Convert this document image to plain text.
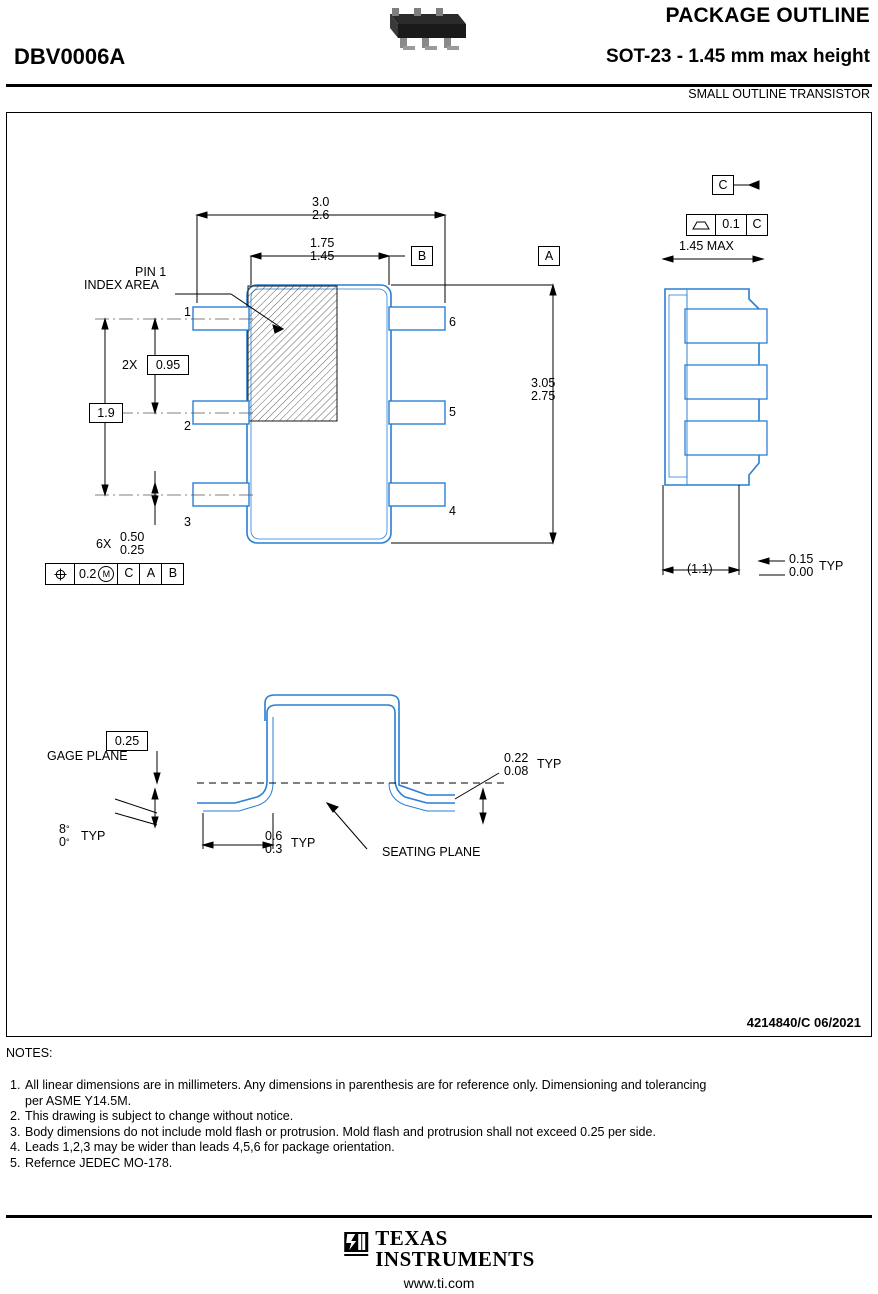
PACKAGE OUTLINE
SOT-23 - 1.45 mm max height
DBV0006A
SMALL OUTLINE TRANSISTOR
3.0
2.6
1.75
1.45	B	A
PIN 1
INDEX AREA
2X	0.95
1.9
3.05
2.75
6X 0.50
0.25
1
2
3
6
5
4
0.2 M	C	A	B
C
0.1	C
1.45 MAX
(1.1)
0.15
0.00 TYP
0.25
GAGE PLANE	0.22
0.08 TYP
8°
0° TYP	0.6
0.3 TYP
SEATING PLANE
4214840/C 06/2021
NOTES:
1. All linear dimensions are in millimeters. Any dimensions in parenthesis are for reference only. Dimensioning and tolerancing
per ASME Y14.5M.
2. This drawing is subject to change without notice.
3. Body dimensions do not include mold flash or protrusion. Mold flash and protrusion shall not exceed 0.25 per side.
4. Leads 1,2,3 may be wider than leads 4,5,6 for package orientation.
5. Refernce JEDEC MO-178.
TEXAS
INSTRUMENTS
www.ti.com
